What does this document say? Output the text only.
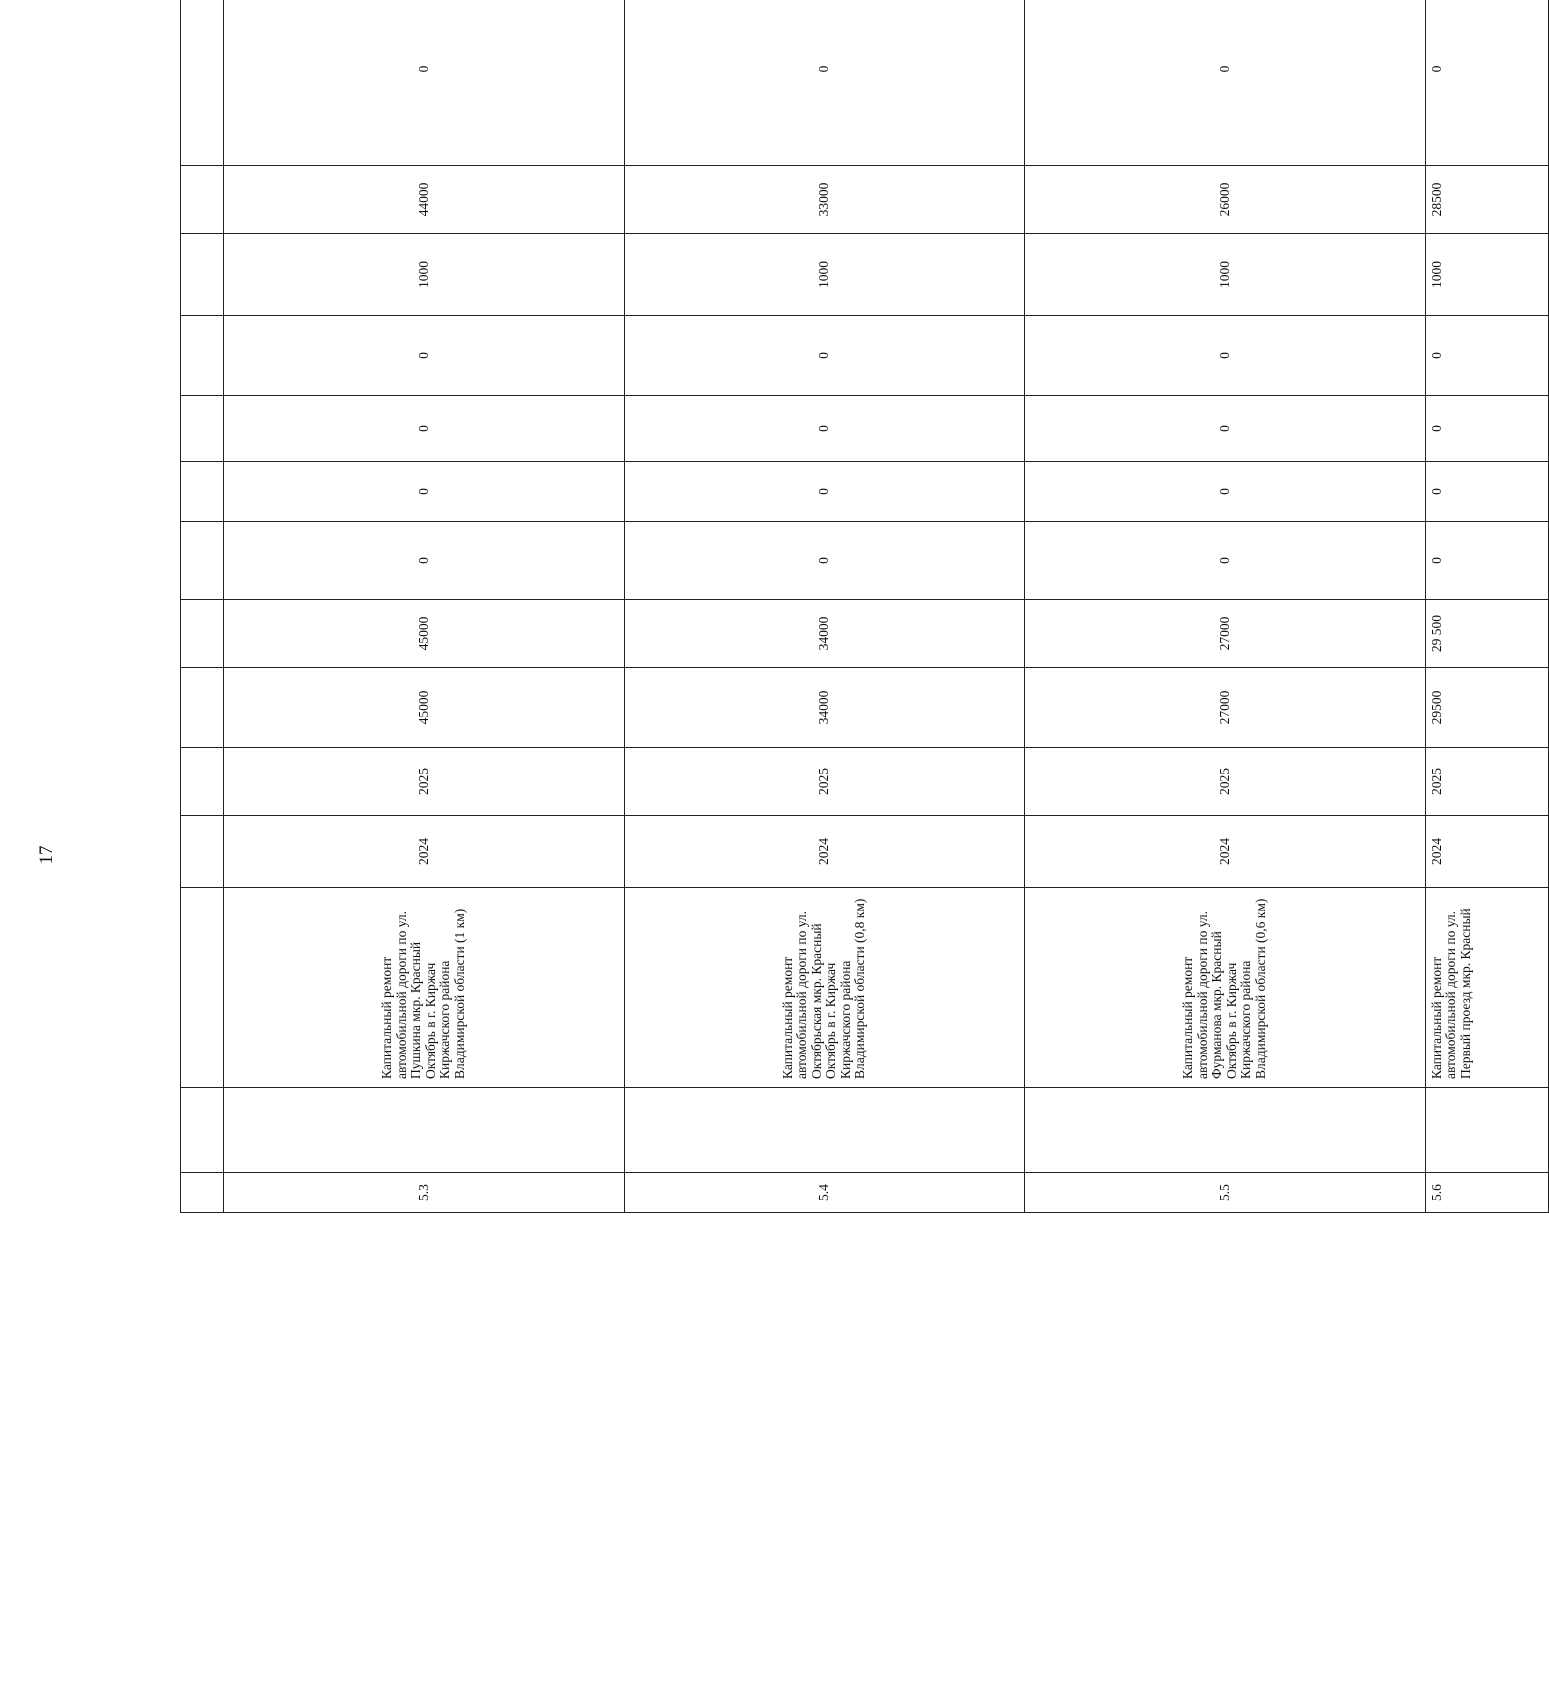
17

5.3		Капитальный ремонт автомобильной дороги по ул. Пушкина мкр. Красный Октябрь в г. Киржач Киржачского района Владимирской области (1 км)	2024	2025	45000	45000	0	0	0	0	1000	44000	0	
5.4		Капитальный ремонт автомобильной дороги по ул. Октябрьская мкр. Красный Октябрь в г. Киржач Киржачского района Владимирской области (0,8 км)	2024	2025	34000	34000	0	0	0	0	1000	33000	0	
5.5		Капитальный ремонт автомобильной дороги по ул. Фурманова мкр. Красный Октябрь в г. Киржач Киржачского района Владимирской области (0,6 км)	2024	2025	27000	27000	0	0	0	0	1000	26000	0	
5.6		Капитальный ремонт автомобильной дороги по ул. Первый проезд мкр. Красный	2024	2025	29500	29 500	0	0	0	0	1000	28500	0	
